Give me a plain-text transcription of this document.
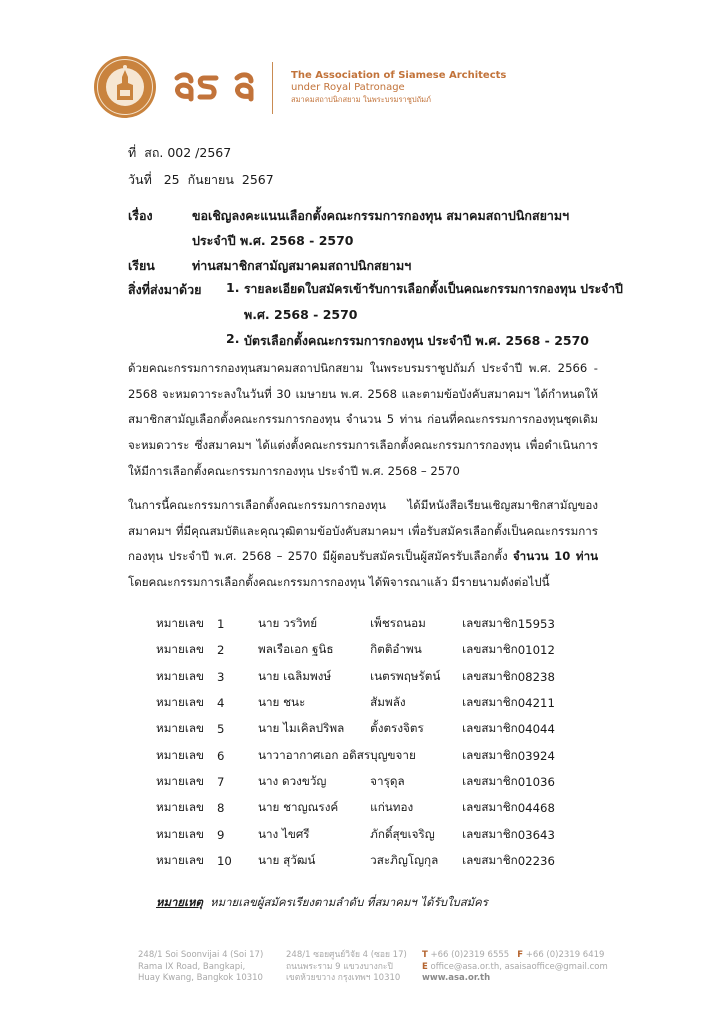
The Association of Siamese Architects
under Royal Patronage
สมาคมสถาปนิกสยาม ในพระบรมราชูปถัมภ์
ที่ สถ. 002 /2567
วันที่ 25 กันยายน 2567
เรื่อง	ขอเชิญลงคะแนนเลือกตั้งคณะกรรมการกองทุน สมาคมสถาปนิกสยามฯ
ประจำปี พ.ศ. 2568 - 2570
เรียน	ท่านสมาชิกสามัญสมาคมสถาปนิกสยามฯ
สิ่งที่ส่งมาด้วย 1. รายละเอียดใบสมัครเข้ารับการเลือกตั้งเป็นคณะกรรมการกองทุน ประจำปี
พ.ศ. 2568 - 2570
2. บัตรเลือกตั้งคณะกรรมการกองทุน ประจำปี พ.ศ. 2568 - 2570
ด้วยคณะกรรมการกองทุนสมาคมสถาปนิกสยาม ในพระบรมราชูปถัมภ์ ประจำปี พ.ศ. 2566 - 2568 จะหมดวาระลงในวันที่ 30 เมษายน พ.ศ. 2568 และตามข้อบังคับสมาคมฯ ได้กำหนดให้สมาชิกสามัญเลือกตั้งคณะกรรมการกองทุน จำนวน 5 ท่าน ก่อนที่คณะกรรมการกองทุนชุดเดิมจะหมดวาระ ซึ่งสมาคมฯ ได้แต่งตั้งคณะกรรมการเลือกตั้งคณะกรรมการกองทุน เพื่อดำเนินการให้มีการเลือกตั้งคณะกรรมการกองทุน ประจำปี พ.ศ. 2568 – 2570
ในการนี้คณะกรรมการเลือกตั้งคณะกรรมการกองทุน ได้มีหนังสือเรียนเชิญสมาชิกสามัญของสมาคมฯ ที่มีคุณสมบัติและคุณวุฒิตามข้อบังคับสมาคมฯ เพื่อรับสมัครเลือกตั้งเป็นคณะกรรมการกองทุน ประจำปี พ.ศ. 2568 – 2570 มีผู้ตอบรับสมัครเป็นผู้สมัครรับเลือกตั้ง จำนวน 10 ท่าน โดยคณะกรรมการเลือกตั้งคณะกรรมการกองทุน ได้พิจารณาแล้ว มีรายนามดังต่อไปนี้
หมายเลข	1	นาย วรวิทย์	เพ็ชรถนอม	เลขสมาชิก	15953
หมายเลข	2	พลเรือเอก ฐนิธ	กิตติอำพน	เลขสมาชิก	01012
หมายเลข	3	นาย เฉลิมพงษ์	เนตรพฤษรัตน์	เลขสมาชิก	08238
หมายเลข	4	นาย ชนะ	สัมพลัง	เลขสมาชิก	04211
หมายเลข	5	นาย ไมเคิลปริพล	ตั้งตรงจิตร	เลขสมาชิก	04044
หมายเลข	6	นาวาอากาศเอก อดิสร	บุญขจาย	เลขสมาชิก	03924
หมายเลข	7	นาง ดวงขวัญ	จารุดุล	เลขสมาชิก	01036
หมายเลข	8	นาย ชาญณรงค์	แก่นทอง	เลขสมาชิก	04468
หมายเลข	9	นาง ไขศรี	ภักดิ์สุขเจริญ	เลขสมาชิก	03643
หมายเลข	10	นาย สุวัฒน์	วสะภิญโญกุล	เลขสมาชิก	02236
หมายเหตุ หมายเลขผู้สมัครเรียงตามลำดับ ที่สมาคมฯ ได้รับใบสมัคร
248/1 Soi Soonvijai 4 (Soi 17)
Rama IX Road, Bangkapi,
Huay Kwang, Bangkok 10310
248/1 ซอยศูนย์วิจัย 4 (ซอย 17)
ถนนพระราม 9 แขวงบางกะปิ
เขตห้วยขวาง กรุงเทพฯ 10310
T +66 (0)2319 6555 F +66 (0)2319 6419
E office@asa.or.th, asaisaoffice@gmail.com
www.asa.or.th
